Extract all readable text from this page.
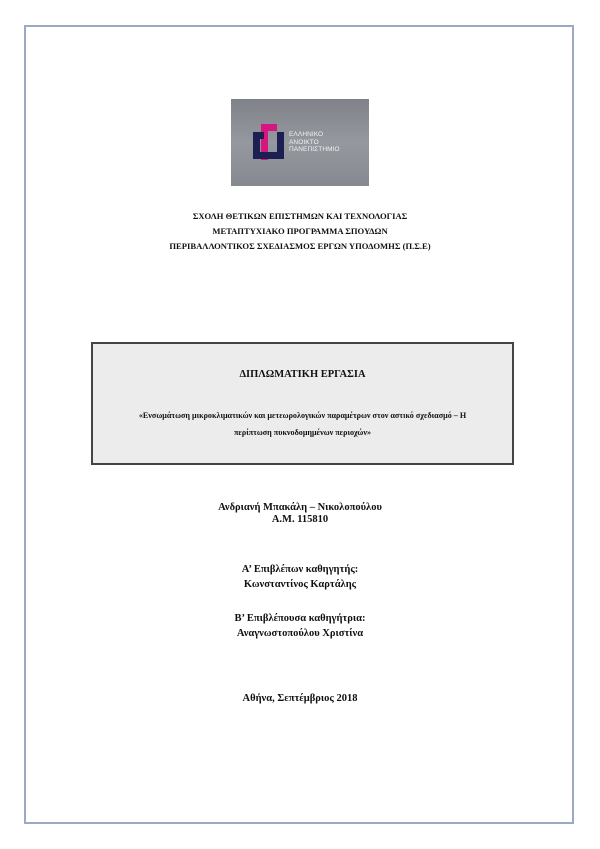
ΕΛΛΗΝΙΚΟ
ΑΝΟΙΚΤΟ
ΠΑΝΕΠΙΣΤΗΜΙΟ
ΣΧΟΛΗ ΘΕΤΙΚΩΝ ΕΠΙΣΤΗΜΩΝ ΚΑΙ ΤΕΧΝΟΛΟΓΙΑΣ
ΜΕΤΑΠΤΥΧΙΑΚΟ ΠΡΟΓΡΑΜΜΑ ΣΠΟΥΔΩΝ
ΠΕΡΙΒΑΛΛΟΝΤΙΚΟΣ ΣΧΕΔΙΑΣΜΟΣ ΕΡΓΩΝ ΥΠΟΔΟΜΗΣ (Π.Σ.Ε)
ΔΙΠΛΩΜΑΤΙΚΗ ΕΡΓΑΣΙΑ
«Ενσωμάτωση μικροκλιματικών και μετεωρολογικών παραμέτρων στον αστικό σχεδιασμό – Η
περίπτωση πυκνοδομημένων περιοχών»
Ανδριανή Μπακάλη – Νικολοπούλου
Α.Μ. 115810
Α’ Επιβλέπων καθηγητής:
Κωνσταντίνος Καρτάλης
Β’ Επιβλέπουσα καθηγήτρια:
Αναγνωστοπούλου Χριστίνα
Αθήνα, Σεπτέμβριος 2018
